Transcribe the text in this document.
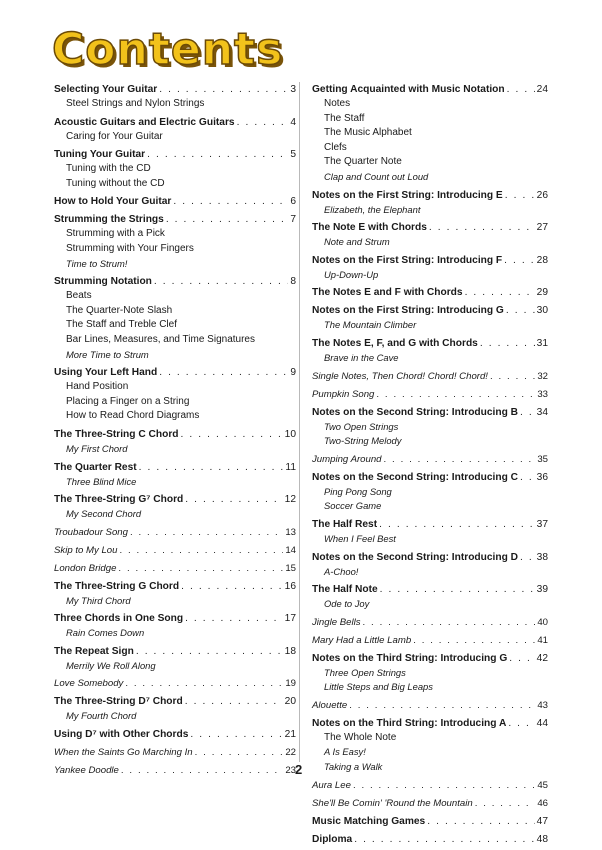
Contents
Selecting Your Guitar . . .	3
Steel Strings and Nylon Strings
Acoustic Guitars and Electric Guitars . . .	4
Caring for Your Guitar
Tuning Your Guitar . . .	5
Tuning with the CD
Tuning without the CD
How to Hold Your Guitar . . .	6
Strumming the Strings . . .	7
Strumming with a Pick
Strumming with Your Fingers
Time to Strum!
Strumming Notation . . .	8
Beats
The Quarter-Note Slash
The Staff and Treble Clef
Bar Lines, Measures, and Time Signatures
More Time to Strum
Using Your Left Hand . . .	9
Hand Position
Placing a Finger on a String
How to Read Chord Diagrams
The Three-String C Chord . . .	10
My First Chord
The Quarter Rest . . .	11
Three Blind Mice
The Three-String G⁷ Chord . . .	12
My Second Chord
Troubadour Song . . .	13
Skip to My Lou . . .	14
London Bridge . . .	15
The Three-String G Chord . . .	16
My Third Chord
Three Chords in One Song . . .	17
Rain Comes Down
The Repeat Sign . . .	18
Merrily We Roll Along
Love Somebody . . .	19
The Three-String D⁷ Chord . . .	20
My Fourth Chord
Using D⁷ with Other Chords . . .	21
When the Saints Go Marching In . . .	22
Yankee Doodle . . .	23
Getting Acquainted with Music Notation . . .	24
Notes
The Staff
The Music Alphabet
Clefs
The Quarter Note
Clap and Count out Loud
Notes on the First String: Introducing E . . .	26
Elizabeth, the Elephant
The Note E with Chords . . .	27
Note and Strum
Notes on the First String: Introducing F . . .	28
Up-Down-Up
The Notes E and F with Chords . . .	29
Notes on the First String: Introducing G . . .	30
The Mountain Climber
The Notes E, F, and G with Chords . . .	31
Brave in the Cave
Single Notes, Then Chord! Chord! Chord! . . .	32
Pumpkin Song . . .	33
Notes on the Second String: Introducing B . . . 34
Two Open Strings
Two-String Melody
Jumping Around . . .	35
Notes on the Second String: Introducing C . . . 36
Ping Pong Song
Soccer Game
The Half Rest . . .	37
When I Feel Best
Notes on the Second String: Introducing D . . . 38
A-Choo!
The Half Note . . .	39
Ode to Joy
Jingle Bells . . .	40
Mary Had a Little Lamb . . .	41
Notes on the Third String: Introducing G . . .	42
Three Open Strings
Little Steps and Big Leaps
Alouette . . .	43
Notes on the Third String: Introducing A . . .	44
The Whole Note
A Is Easy!
Taking a Walk
Aura Lee . . .	45
She'll Be Comin' 'Round the Mountain . . .	46
Music Matching Games . . .	47
Diploma . . .	48
2
